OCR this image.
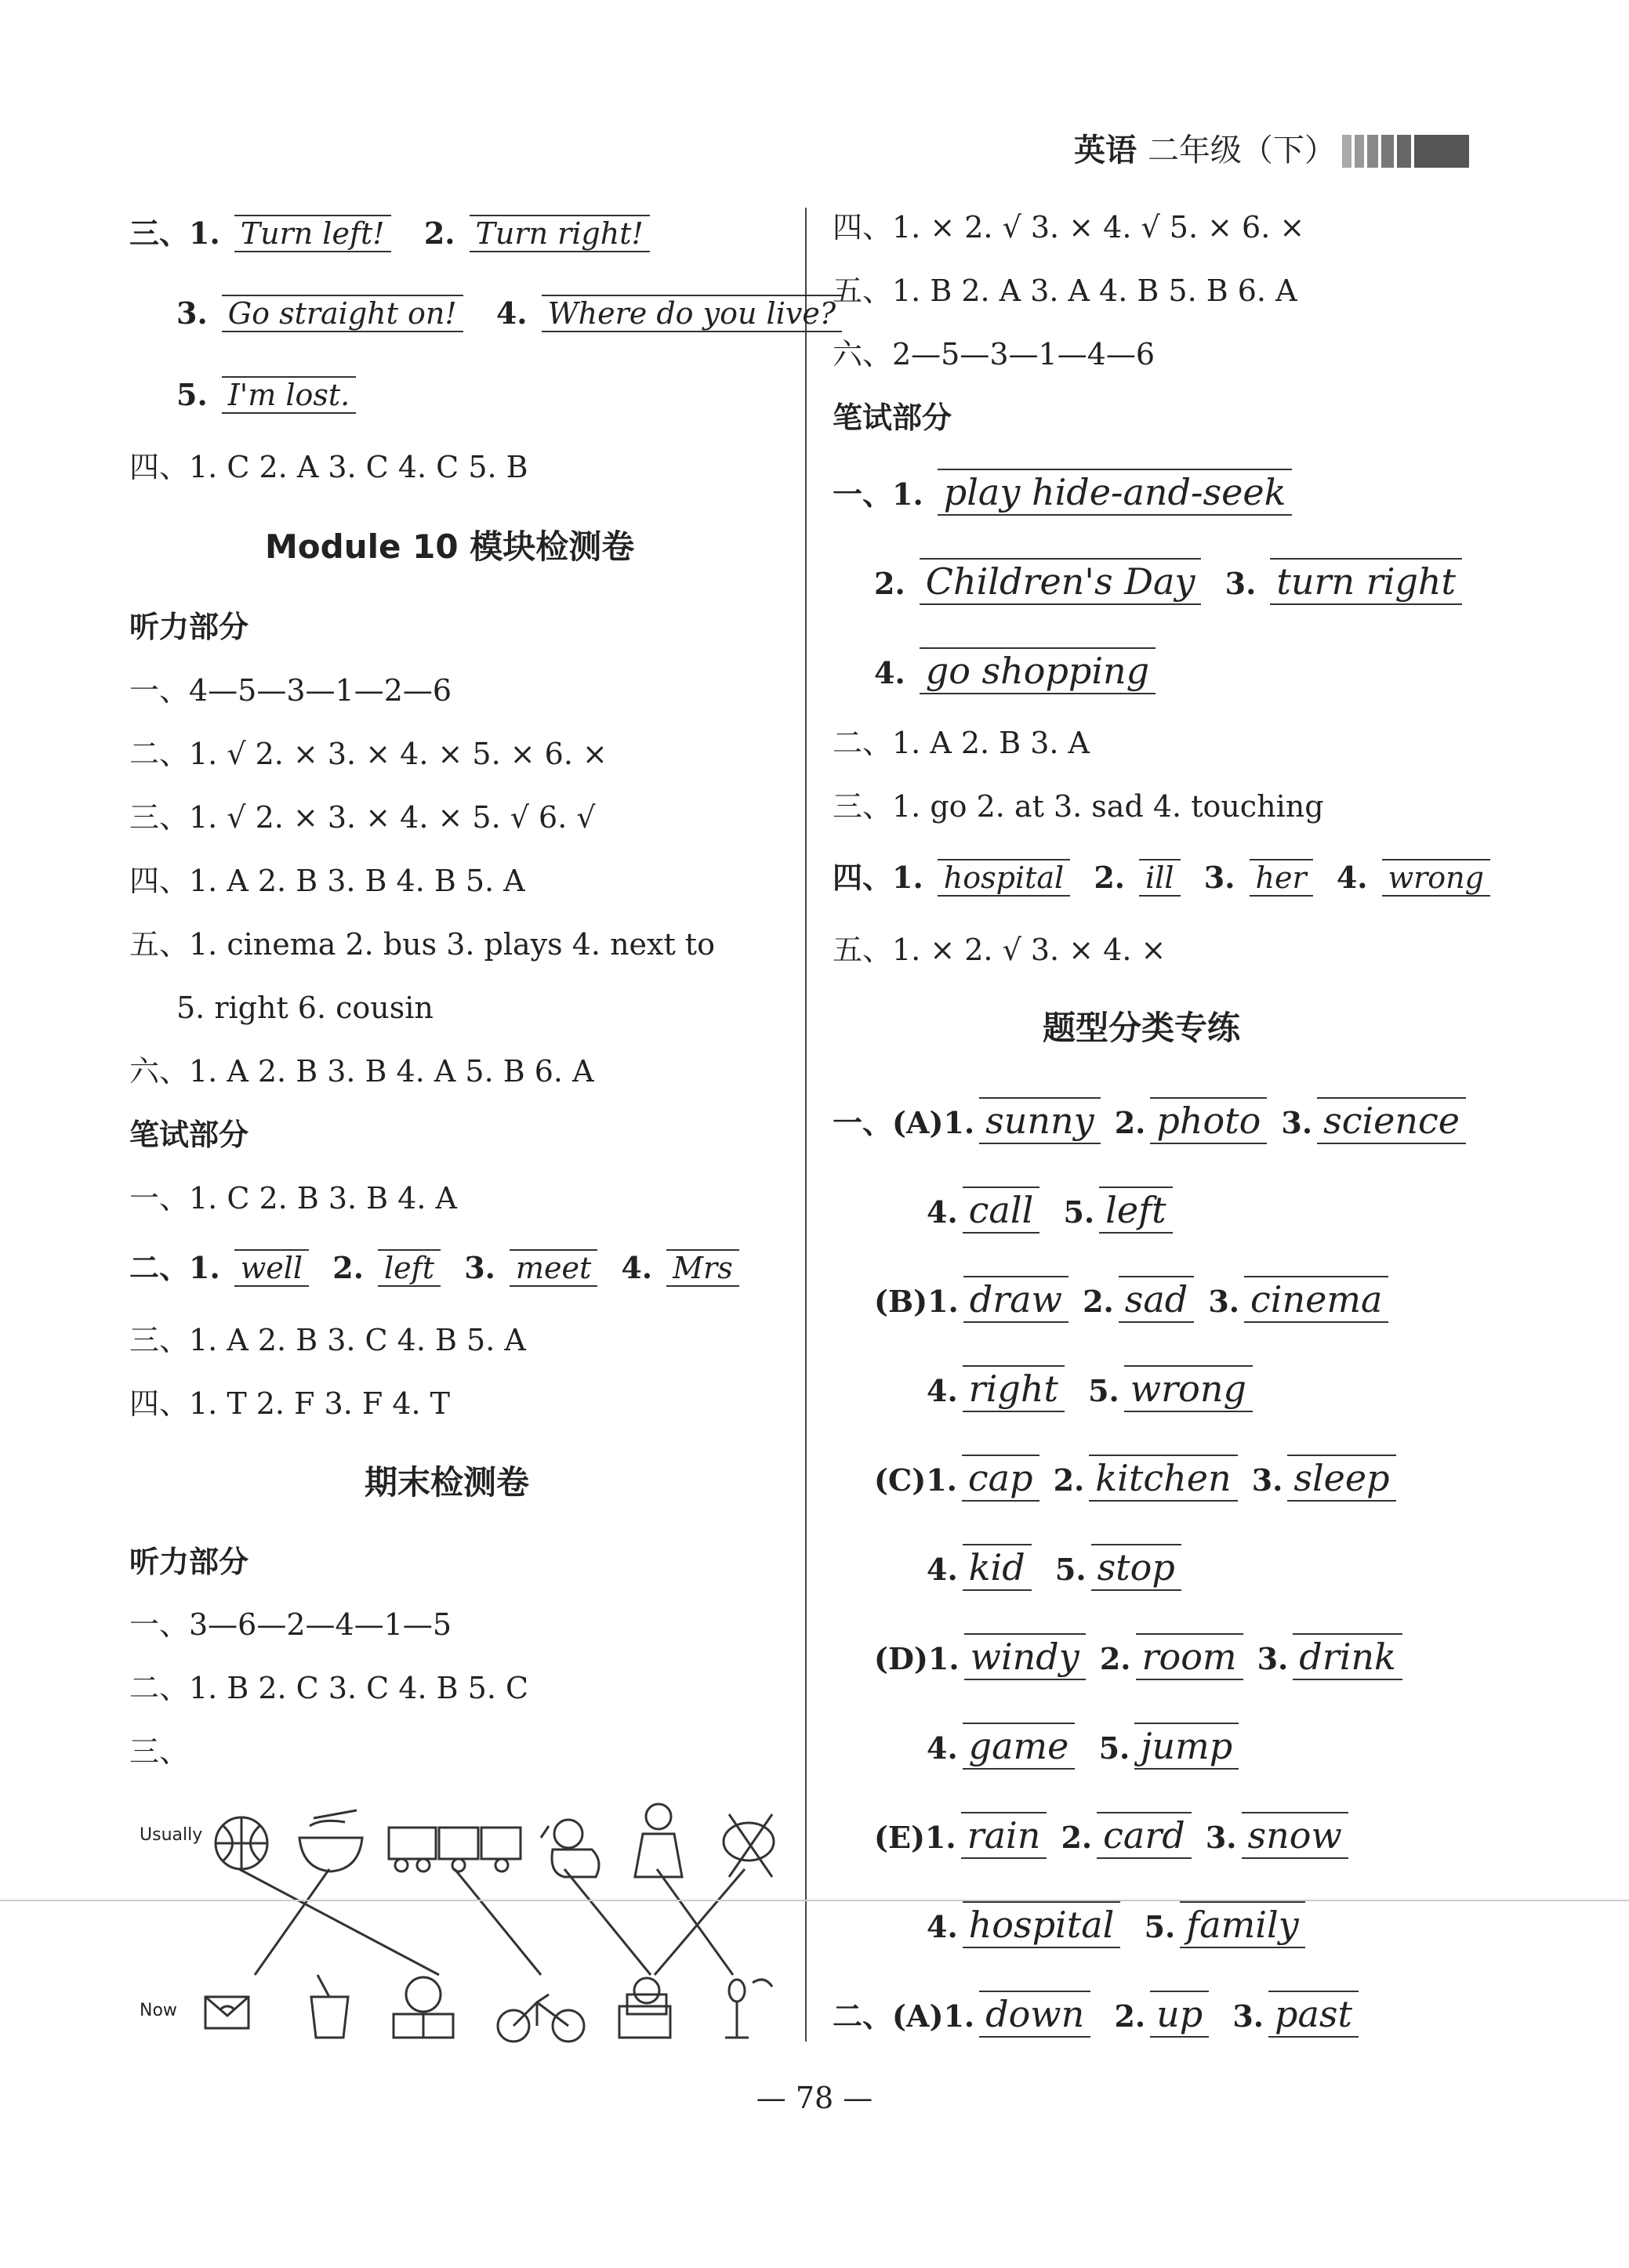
英语 二年级（下）
三、1. Turn left! 2. Turn right!
3. Go straight on! 4. Where do you live?
5. I'm lost.
四、1. C 2. A 3. C 4. C 5. B
Module 10 模块检测卷
听力部分
一、4—5—3—1—2—6
二、1. √ 2. × 3. × 4. × 5. × 6. ×
三、1. √ 2. × 3. × 4. × 5. √ 6. √
四、1. A 2. B 3. B 4. B 5. A
五、1. cinema 2. bus 3. plays 4. next to
5. right 6. cousin
六、1. A 2. B 3. B 4. A 5. B 6. A
笔试部分
一、1. C 2. B 3. B 4. A
二、1. well 2. left 3. meet 4. Mrs
三、1. A 2. B 3. C 4. B 5. A
四、1. T 2. F 3. F 4. T
期末检测卷
听力部分
一、3—6—2—4—1—5
二、1. B 2. C 3. C 4. B 5. C
三、
Usually
Now
四、1. × 2. √ 3. × 4. √ 5. × 6. ×
五、1. B 2. A 3. A 4. B 5. B 6. A
六、2—5—3—1—4—6
笔试部分
一、1. play hide-and-seek
2. Children's Day 3. turn right
4. go shopping
二、1. A 2. B 3. A
三、1. go 2. at 3. sad 4. touching
四、1. hospital 2. ill 3. her 4. wrong
五、1. × 2. √ 3. × 4. ×
题型分类专练
一、(A)1. sunny 2. photo 3. science
4. call 5. left
(B)1. draw 2. sad 3. cinema
4. right 5. wrong
(C)1. cap 2. kitchen 3. sleep
4. kid 5. stop
(D)1. windy 2. room 3. drink
4. game 5. jump
(E)1. rain 2. card 3. snow
4. hospital 5. family
二、(A)1. down 2. up 3. past
— 78 —
